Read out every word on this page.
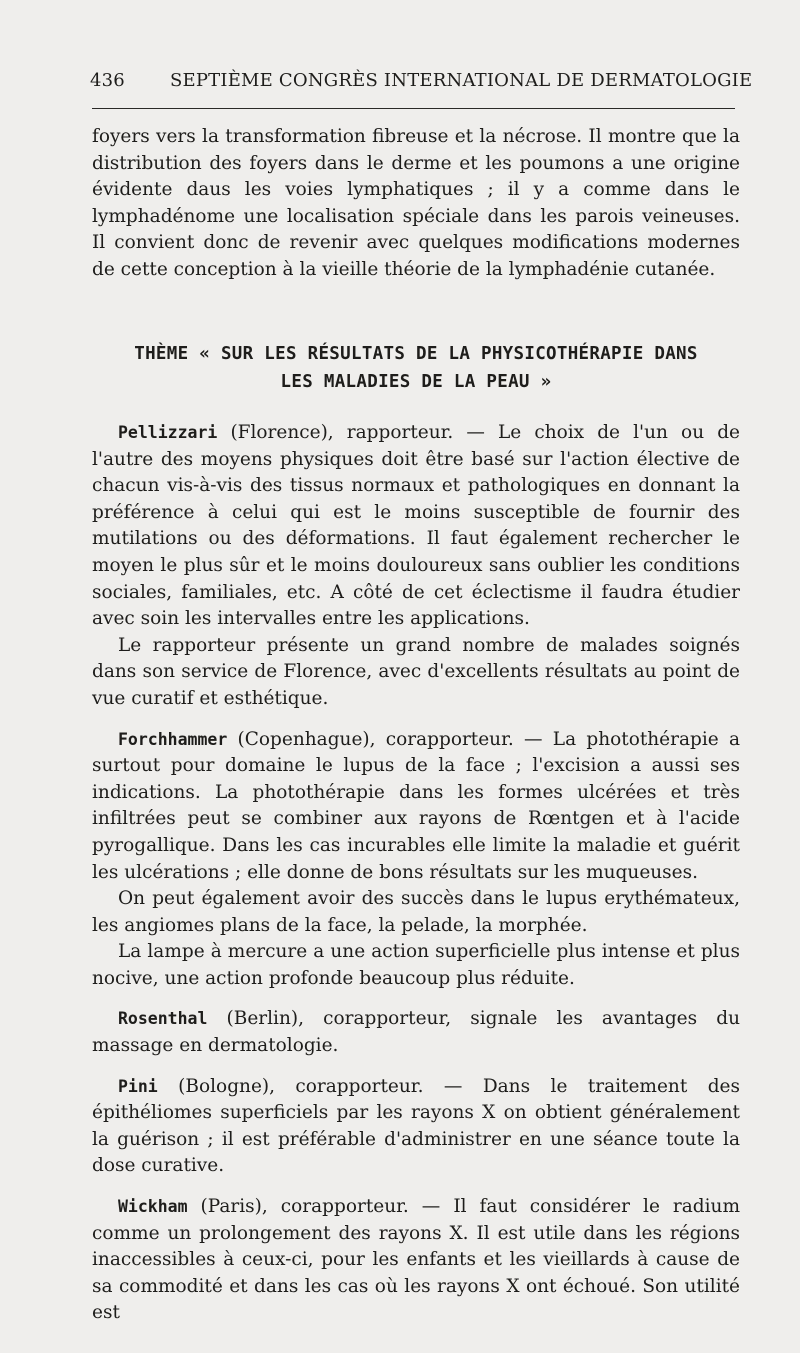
436	SEPTIÈME CONGRÈS INTERNATIONAL DE DERMATOLOGIE

foyers vers la transformation fibreuse et la nécrose. Il montre que la distribution des foyers dans le derme et les poumons a une origine évidente daus les voies lymphatiques ; il y a comme dans le lymphadénome une localisation spéciale dans les parois veineuses. Il convient donc de revenir avec quelques modifications modernes de cette conception à la vieille théorie de la lymphadénie cutanée.

THÈME « SUR LES RÉSULTATS DE LA PHYSICOTHÉRAPIE DANS
LES MALADIES DE LA PEAU »

Pellizzari (Florence), rapporteur. — Le choix de l'un ou de l'autre des moyens physiques doit être basé sur l'action élective de chacun vis-à-vis des tissus normaux et pathologiques en donnant la préférence à celui qui est le moins susceptible de fournir des mutilations ou des déformations. Il faut également rechercher le moyen le plus sûr et le moins douloureux sans oublier les conditions sociales, familiales, etc. A côté de cet éclectisme il faudra étudier avec soin les intervalles entre les applications.

Le rapporteur présente un grand nombre de malades soignés dans son service de Florence, avec d'excellents résultats au point de vue curatif et esthétique.

Forchhammer (Copenhague), corapporteur. — La photothérapie a surtout pour domaine le lupus de la face ; l'excision a aussi ses indications. La photothérapie dans les formes ulcérées et très infiltrées peut se combiner aux rayons de Rœntgen et à l'acide pyrogallique. Dans les cas incurables elle limite la maladie et guérit les ulcérations ; elle donne de bons résultats sur les muqueuses.

On peut également avoir des succès dans le lupus erythémateux, les angiomes plans de la face, la pelade, la morphée.

La lampe à mercure a une action superficielle plus intense et plus nocive, une action profonde beaucoup plus réduite.

Rosenthal (Berlin), corapporteur, signale les avantages du massage en dermatologie.

Pini (Bologne), corapporteur. — Dans le traitement des épithéliomes superficiels par les rayons X on obtient généralement la guérison ; il est préférable d'administrer en une séance toute la dose curative.

Wickham (Paris), corapporteur. — Il faut considérer le radium comme un prolongement des rayons X. Il est utile dans les régions inaccessibles à ceux-ci, pour les enfants et les vieillards à cause de sa commodité et dans les cas où les rayons X ont échoué. Son utilité est
